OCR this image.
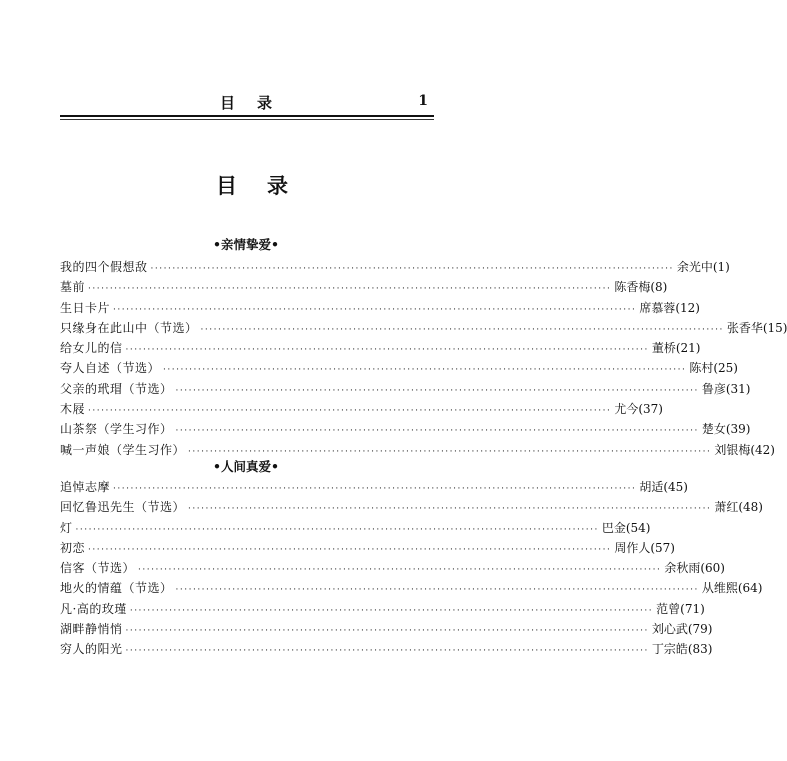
目录	1
目录
•亲情挚爱•
我的四个假想敌 ························································································································ 余光中 (1)
墓前 ························································································································ 陈香梅 (8)
生日卡片 ························································································································ 席慕蓉 (12)
只缘身在此山中（节选） ························································································································ 张香华 (15)
给女儿的信 ························································································································ 董桥 (21)
夸人自述（节选） ························································································································ 陈村 (25)
父亲的玳瑁（节选） ························································································································ 鲁彦 (31)
木屐 ························································································································ 尤今 (37)
山茶祭（学生习作） ························································································································ 楚女 (39)
喊一声娘（学生习作） ························································································································ 刘银梅 (42)
•人间真爱•
追悼志摩 ························································································································ 胡适 (45)
回忆鲁迅先生（节选） ························································································································ 萧红 (48)
灯 ························································································································ 巴金 (54)
初恋 ························································································································ 周作人 (57)
信客（节选） ························································································································ 余秋雨 (60)
地火的情蕴（节选） ························································································································ 从维熙 (64)
凡·高的玫瑾 ························································································································ 范曾 (71)
湖畔静悄悄 ························································································································ 刘心武 (79)
穷人的阳光 ························································································································ 丁宗皓 (83)
